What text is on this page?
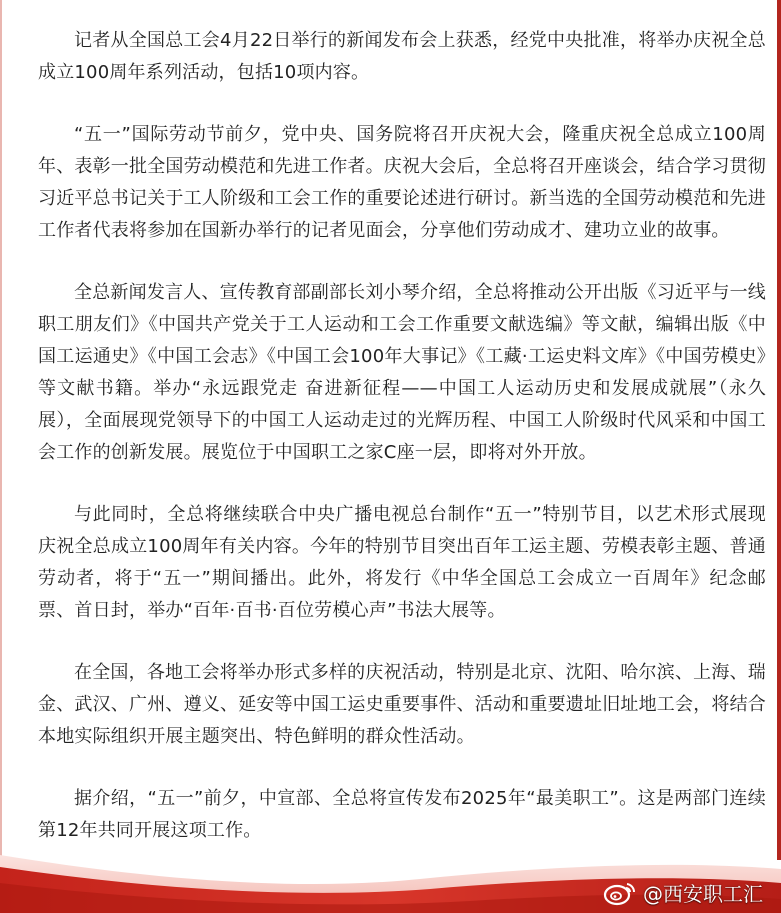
记者从全国总工会4月22日举行的新闻发布会上获悉，经党中央批准，将举办庆祝全总成立100周年系列活动，包括10项内容。

“五一”国际劳动节前夕，党中央、国务院将召开庆祝大会，隆重庆祝全总成立100周年、表彰一批全国劳动模范和先进工作者。庆祝大会后，全总将召开座谈会，结合学习贯彻习近平总书记关于工人阶级和工会工作的重要论述进行研讨。新当选的全国劳动模范和先进工作者代表将参加在国新办举行的记者见面会，分享他们劳动成才、建功立业的故事。

全总新闻发言人、宣传教育部副部长刘小琴介绍，全总将推动公开出版《习近平与一线职工朋友们》《中国共产党关于工人运动和工会工作重要文献选编》等文献，编辑出版《中国工运通史》《中国工会志》《中国工会100年大事记》《工藏·工运史料文库》《中国劳模史》等文献书籍。举办“永远跟党走 奋进新征程——中国工人运动历史和发展成就展”（永久展），全面展现党领导下的中国工人运动走过的光辉历程、中国工人阶级时代风采和中国工会工作的创新发展。展览位于中国职工之家C座一层，即将对外开放。

与此同时，全总将继续联合中央广播电视总台制作“五一”特别节目，以艺术形式展现庆祝全总成立100周年有关内容。今年的特别节目突出百年工运主题、劳模表彰主题、普通劳动者，将于“五一”期间播出。此外，将发行《中华全国总工会成立一百周年》纪念邮票、首日封，举办“百年·百书·百位劳模心声”书法大展等。

在全国，各地工会将举办形式多样的庆祝活动，特别是北京、沈阳、哈尔滨、上海、瑞金、武汉、广州、遵义、延安等中国工运史重要事件、活动和重要遗址旧址地工会，将结合本地实际组织开展主题突出、特色鲜明的群众性活动。

据介绍，“五一”前夕，中宣部、全总将宣传发布2025年“最美职工”。这是两部门连续第12年共同开展这项工作。

@西安职工汇
